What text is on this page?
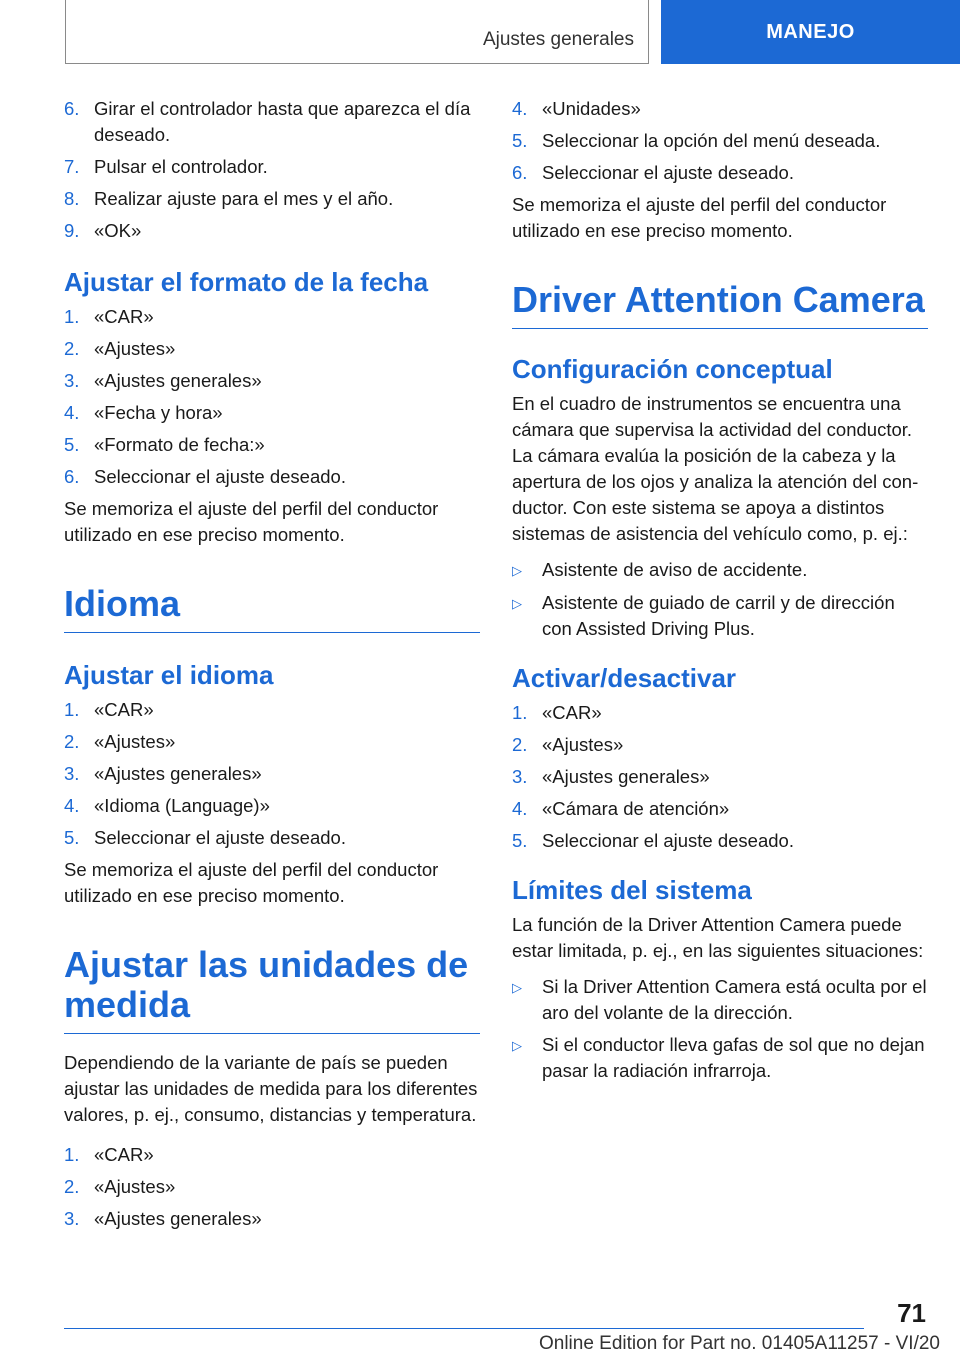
Ajustes generales	MANEJO
6. Girar el controlador hasta que aparezca el día deseado.
7. Pulsar el controlador.
8. Realizar ajuste para el mes y el año.
9. «OK»
Ajustar el formato de la fecha
1. «CAR»
2. «Ajustes»
3. «Ajustes generales»
4. «Fecha y hora»
5. «Formato de fecha:»
6. Seleccionar el ajuste deseado.

Se memoriza el ajuste del perfil del conductor utilizado en ese preciso momento.

Idioma
Ajustar el idioma
1. «CAR»
2. «Ajustes»
3. «Ajustes generales»
4. «Idioma (Language)»
5. Seleccionar el ajuste deseado.

Se memoriza el ajuste del perfil del conductor utilizado en ese preciso momento.

Ajustar las unidades de medida

Dependiendo de la variante de país se pueden ajustar las unidades de medida para los diferentes valores, p. ej., consumo, distancias y temperatura.

1. «CAR»
2. «Ajustes»
3. «Ajustes generales»
4. «Unidades»
5. Seleccionar la opción del menú deseada.
6. Seleccionar el ajuste deseado.

Se memoriza el ajuste del perfil del conductor utilizado en ese preciso momento.

Driver Attention Camera
Configuración conceptual

En el cuadro de instrumentos se encuentra una cámara que supervisa la actividad del conductor. La cámara evalúa la posición de la cabeza y la apertura de los ojos y analiza la atención del conductor. Con este sistema se apoya a distintos sistemas de asistencia del vehículo como, p. ej.:

▷	Asistente de aviso de accidente.
▷	Asistente de guiado de carril y de dirección con Assisted Driving Plus.
Activar/desactivar
1. «CAR»
2. «Ajustes»
3. «Ajustes generales»
4. «Cámara de atención»
5. Seleccionar el ajuste deseado.
Límites del sistema

La función de la Driver Attention Camera puede estar limitada, p. ej., en las siguientes situaciones:

▷	Si la Driver Attention Camera está oculta por el aro del volante de la dirección.
▷	Si el conductor lleva gafas de sol que no dejan pasar la radiación infrarroja.
71
Online Edition for Part no. 01405A11257 - VI/20
